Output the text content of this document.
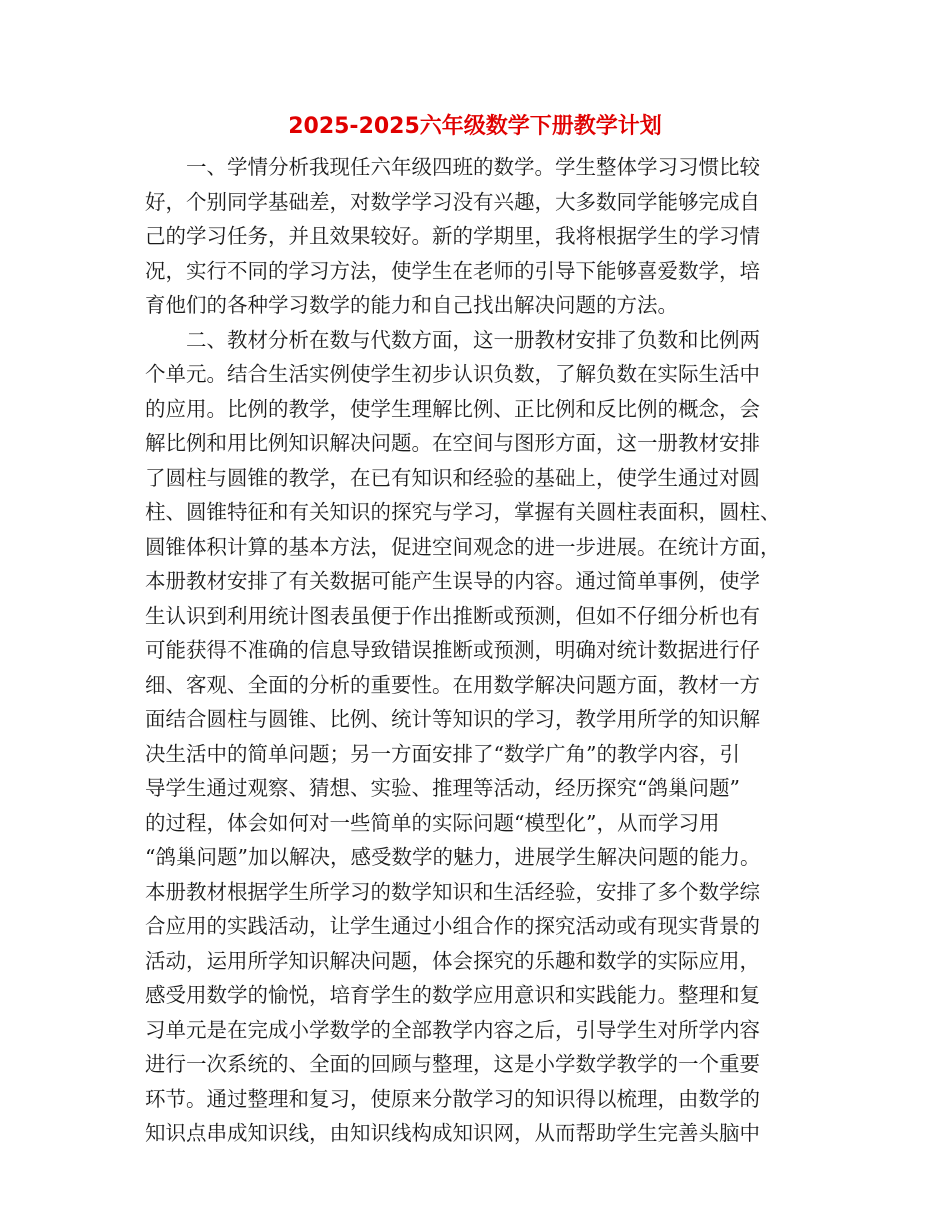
2025-2025六年级数学下册教学计划
　　一、学情分析我现任六年级四班的数学。学生整体学习习惯比较
好，个别同学基础差，对数学学习没有兴趣，大多数同学能够完成自
己的学习任务，并且效果较好。新的学期里，我将根据学生的学习情
况，实行不同的学习方法，使学生在老师的引导下能够喜爱数学，培
育他们的各种学习数学的能力和自己找出解决问题的方法。
　　二、教材分析在数与代数方面，这一册教材安排了负数和比例两
个单元。结合生活实例使学生初步认识负数，了解负数在实际生活中
的应用。比例的教学，使学生理解比例、正比例和反比例的概念，会
解比例和用比例知识解决问题。在空间与图形方面，这一册教材安排
了圆柱与圆锥的教学，在已有知识和经验的基础上，使学生通过对圆
柱、圆锥特征和有关知识的探究与学习，掌握有关圆柱表面积，圆柱、
圆锥体积计算的基本方法，促进空间观念的进一步进展。在统计方面，
本册教材安排了有关数据可能产生误导的内容。通过简单事例，使学
生认识到利用统计图表虽便于作出推断或预测，但如不仔细分析也有
可能获得不准确的信息导致错误推断或预测，明确对统计数据进行仔
细、客观、全面的分析的重要性。在用数学解决问题方面，教材一方
面结合圆柱与圆锥、比例、统计等知识的学习，教学用所学的知识解
决生活中的简单问题；另一方面安排了“数学广角”的教学内容，引
导学生通过观察、猜想、实验、推理等活动，经历探究“鸽巢问题”
的过程，体会如何对一些简单的实际问题“模型化”，从而学习用
“鸽巢问题”加以解决，感受数学的魅力，进展学生解决问题的能力。
本册教材根据学生所学习的数学知识和生活经验，安排了多个数学综
合应用的实践活动，让学生通过小组合作的探究活动或有现实背景的
活动，运用所学知识解决问题，体会探究的乐趣和数学的实际应用，
感受用数学的愉悦，培育学生的数学应用意识和实践能力。整理和复
习单元是在完成小学数学的全部教学内容之后，引导学生对所学内容
进行一次系统的、全面的回顾与整理，这是小学数学教学的一个重要
环节。通过整理和复习，使原来分散学习的知识得以梳理，由数学的
知识点串成知识线，由知识线构成知识网，从而帮助学生完善头脑中
